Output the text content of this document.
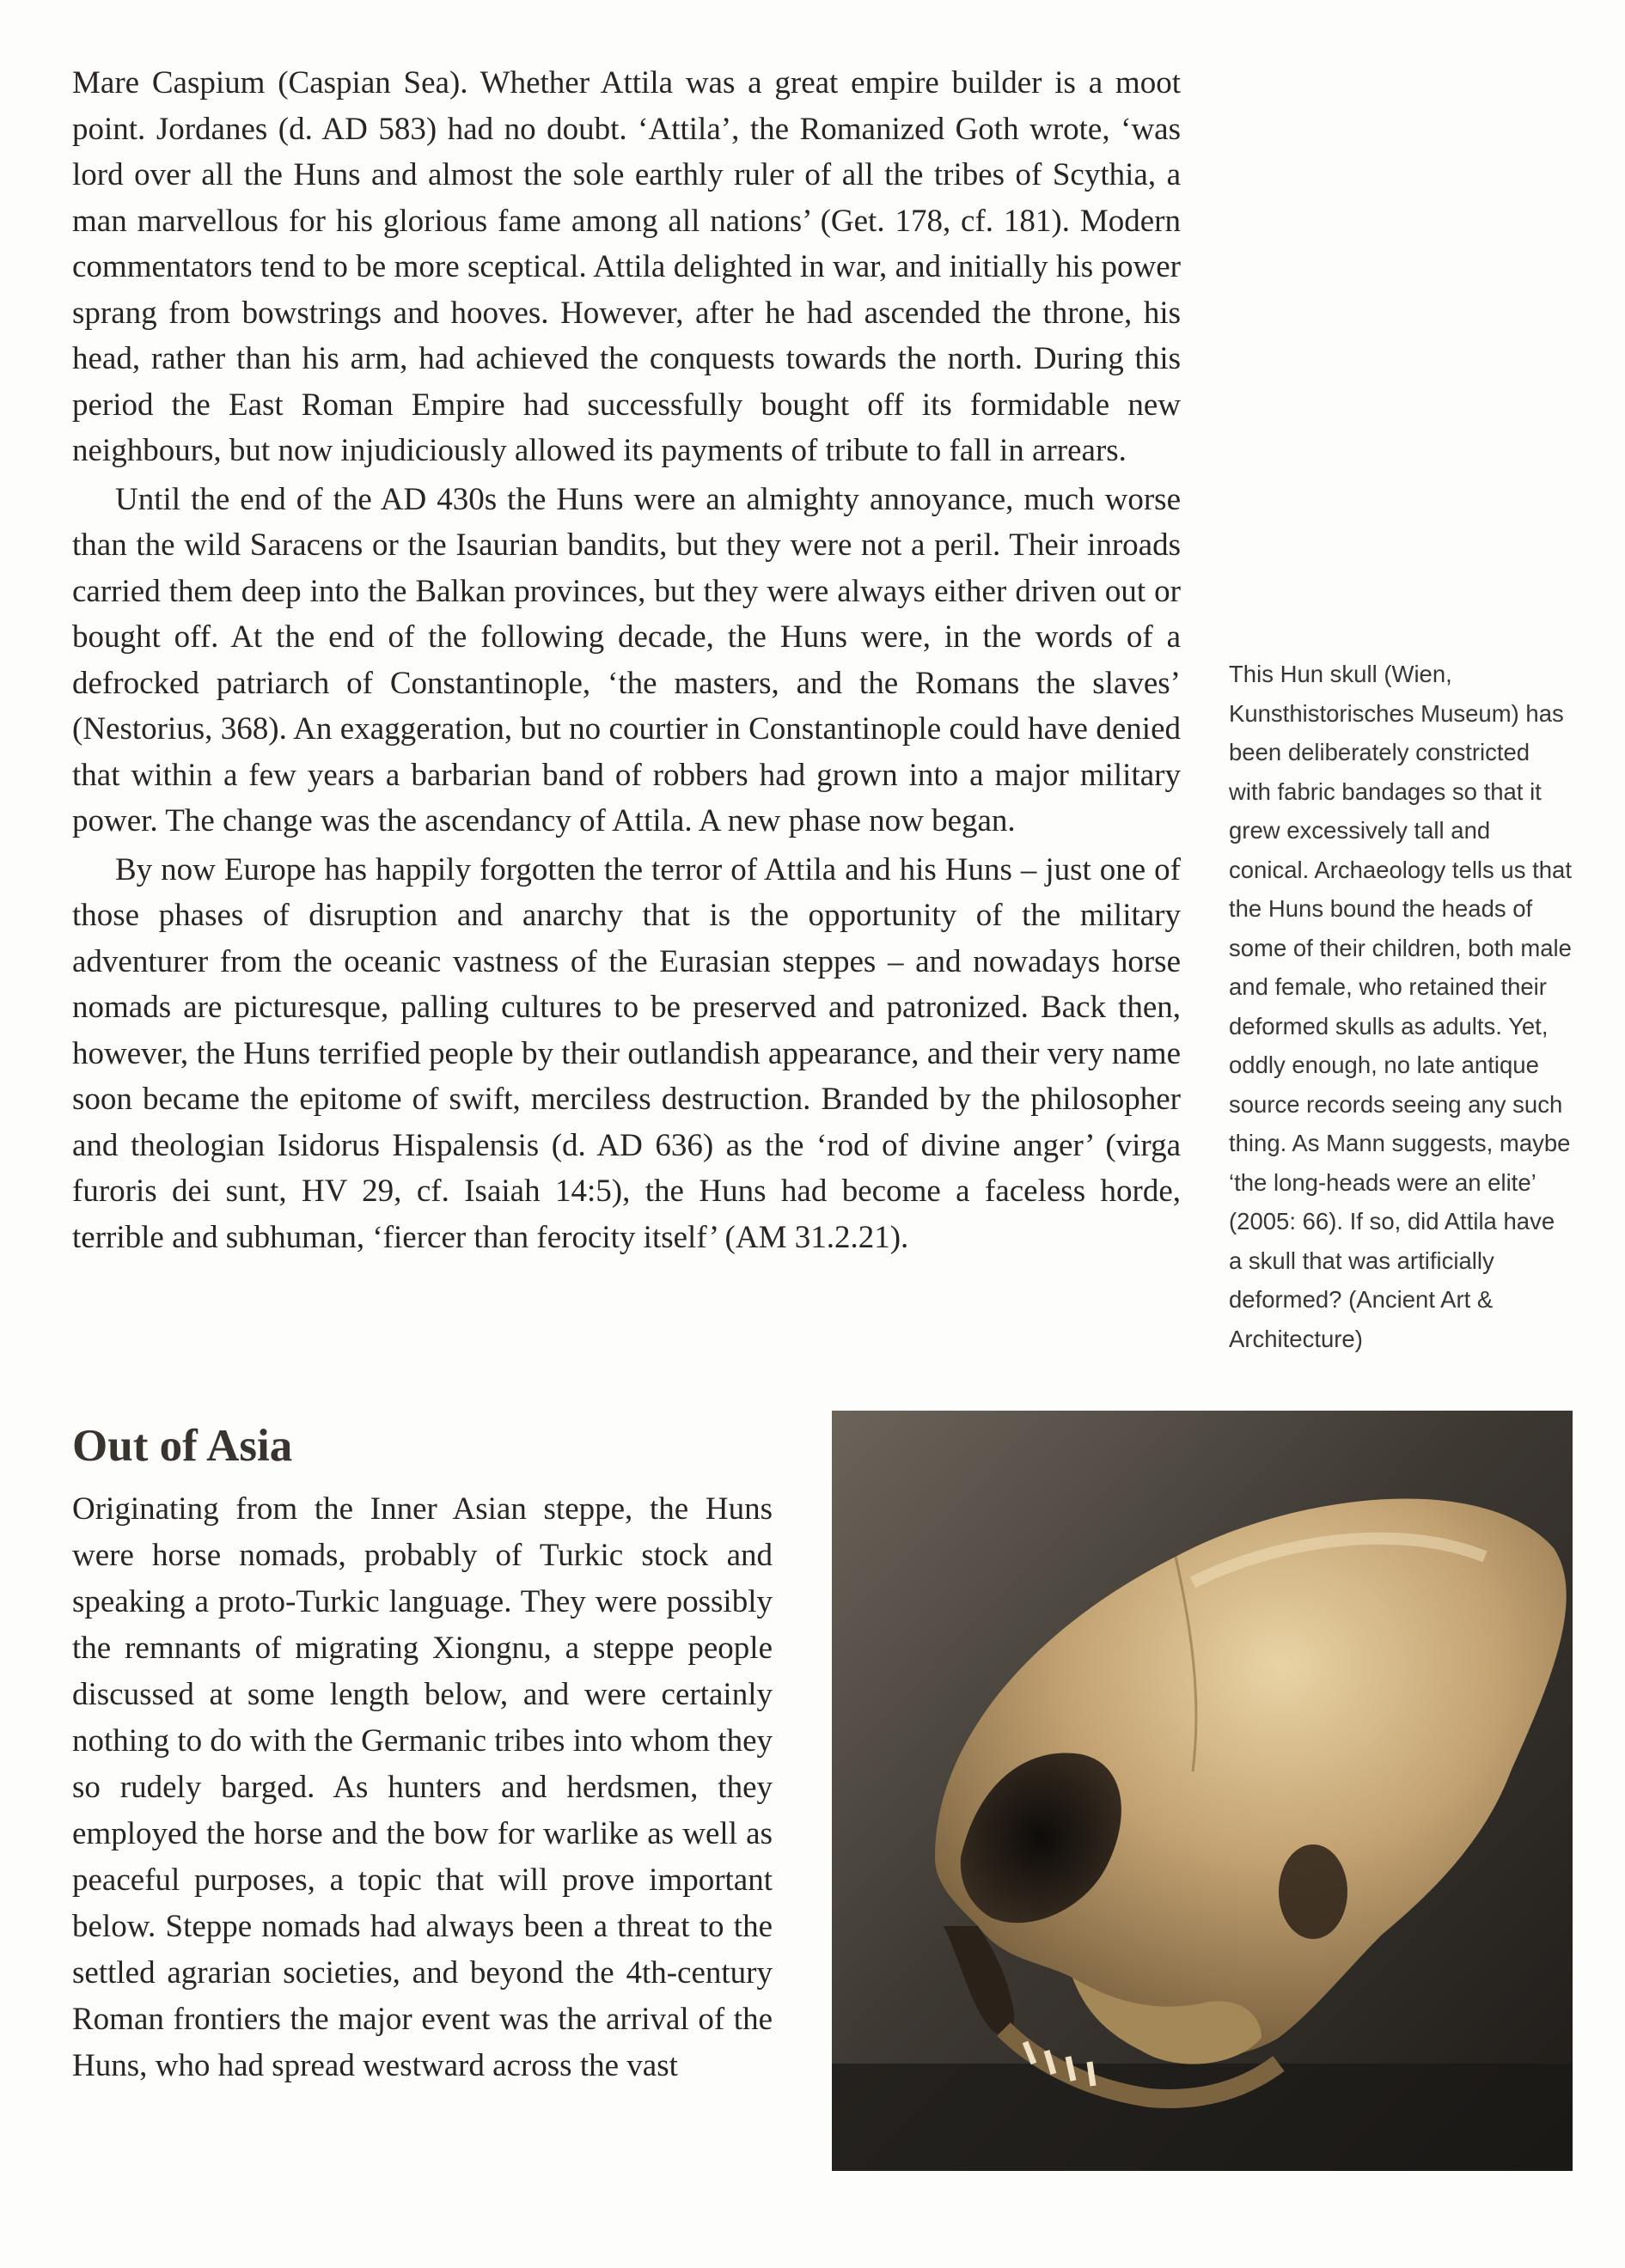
Mare Caspium (Caspian Sea). Whether Attila was a great empire builder is a moot point. Jordanes (d. AD 583) had no doubt. ‘Attila’, the Romanized Goth wrote, ‘was lord over all the Huns and almost the sole earthly ruler of all the tribes of Scythia, a man marvellous for his glorious fame among all nations’ (Get. 178, cf. 181). Modern commentators tend to be more sceptical. Attila delighted in war, and initially his power sprang from bowstrings and hooves. However, after he had ascended the throne, his head, rather than his arm, had achieved the conquests towards the north. During this period the East Roman Empire had successfully bought off its formidable new neighbours, but now injudiciously allowed its payments of tribute to fall in arrears.

Until the end of the AD 430s the Huns were an almighty annoyance, much worse than the wild Saracens or the Isaurian bandits, but they were not a peril. Their inroads carried them deep into the Balkan provinces, but they were always either driven out or bought off. At the end of the following decade, the Huns were, in the words of a defrocked patriarch of Constantinople, ‘the masters, and the Romans the slaves’ (Nestorius, 368). An exaggeration, but no courtier in Constantinople could have denied that within a few years a barbarian band of robbers had grown into a major military power. The change was the ascendancy of Attila. A new phase now began.

By now Europe has happily forgotten the terror of Attila and his Huns – just one of those phases of disruption and anarchy that is the opportunity of the military adventurer from the oceanic vastness of the Eurasian steppes – and nowadays horse nomads are picturesque, palling cultures to be preserved and patronized. Back then, however, the Huns terrified people by their outlandish appearance, and their very name soon became the epitome of swift, merciless destruction. Branded by the philosopher and theologian Isidorus Hispalensis (d. AD 636) as the ‘rod of divine anger’ (virga furoris dei sunt, HV 29, cf. Isaiah 14:5), the Huns had become a faceless horde, terrible and subhuman, ‘fiercer than ferocity itself’ (AM 31.2.21).

This Hun skull (Wien, Kunsthistorisches Museum) has been deliberately constricted with fabric bandages so that it grew excessively tall and conical. Archaeology tells us that the Huns bound the heads of some of their children, both male and female, who retained their deformed skulls as adults. Yet, oddly enough, no late antique source records seeing any such thing. As Mann suggests, maybe ‘the long-heads were an elite’ (2005: 66). If so, did Attila have a skull that was artificially deformed? (Ancient Art & Architecture)
Out of Asia

Originating from the Inner Asian steppe, the Huns were horse nomads, probably of Turkic stock and speaking a proto-Turkic language. They were possibly the remnants of migrating Xiongnu, a steppe people discussed at some length below, and were certainly nothing to do with the Germanic tribes into whom they so rudely barged. As hunters and herdsmen, they employed the horse and the bow for warlike as well as peaceful purposes, a topic that will prove important below. Steppe nomads had always been a threat to the settled agrarian societies, and beyond the 4th-century Roman frontiers the major event was the arrival of the Huns, who had spread westward across the vast
